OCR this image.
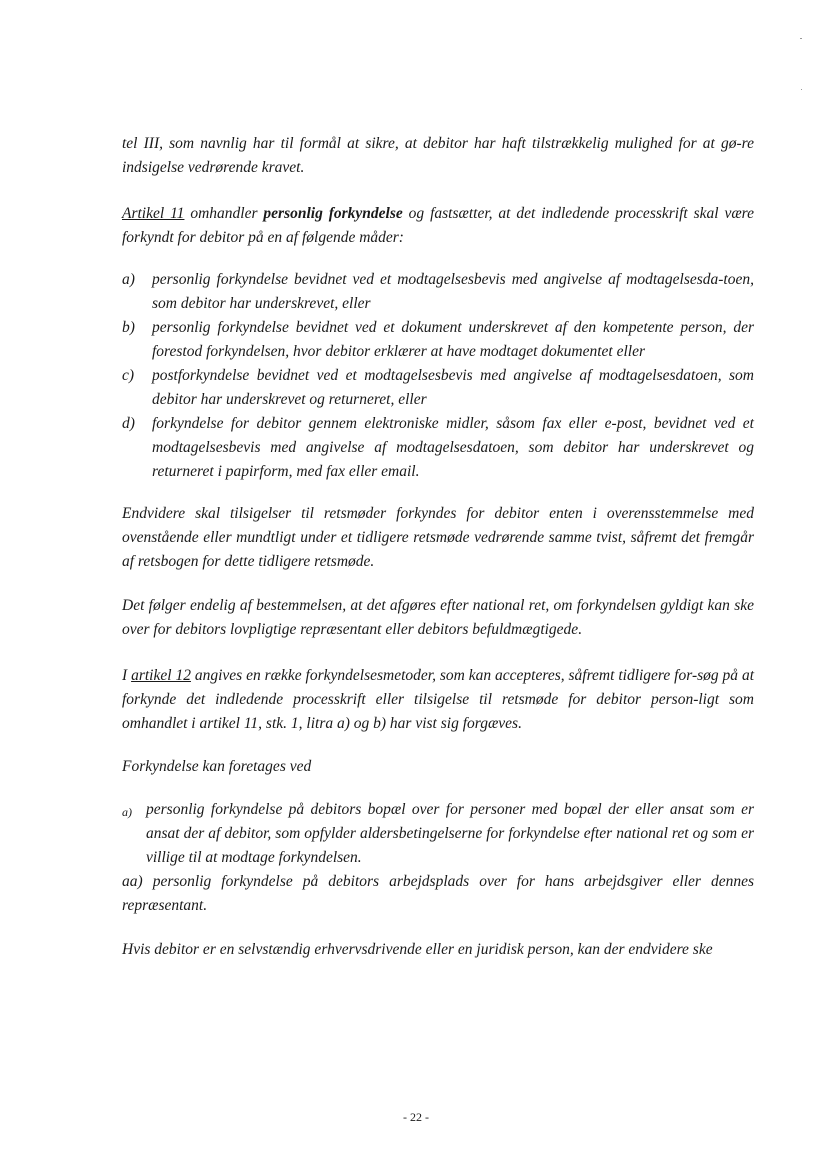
tel III, som navnlig har til formål at sikre, at debitor har haft tilstrækkelig mulighed for at gø-re indsigelse vedrørende kravet.

Artikel 11 omhandler personlig forkyndelse og fastsætter, at det indledende processkrift skal være forkyndt for debitor på en af følgende måder:

a) personlig forkyndelse bevidnet ved et modtagelsesbevis med angivelse af modtagelsesda-toen, som debitor har underskrevet, eller

b) personlig forkyndelse bevidnet ved et dokument underskrevet af den kompetente person, der forestod forkyndelsen, hvor debitor erklærer at have modtaget dokumentet eller

c) postforkyndelse bevidnet ved et modtagelsesbevis med angivelse af modtagelsesdatoen, som debitor har underskrevet og returneret, eller

d) forkyndelse for debitor gennem elektroniske midler, såsom fax eller e-post, bevidnet ved et modtagelsesbevis med angivelse af modtagelsesdatoen, som debitor har underskrevet og returneret i papirform, med fax eller email.

Endvidere skal tilsigelser til retsmøder forkyndes for debitor enten i overensstemmelse med ovenstående eller mundtligt under et tidligere retsmøde vedrørende samme tvist, såfremt det fremgår af retsbogen for dette tidligere retsmøde.

Det følger endelig af bestemmelsen, at det afgøres efter national ret, om forkyndelsen gyldigt kan ske over for debitors lovpligtige repræsentant eller debitors befuldmægtigede.

I artikel 12 angives en række forkyndelsesmetoder, som kan accepteres, såfremt tidligere for-søg på at forkynde det indledende processkrift eller tilsigelse til retsmøde for debitor person-ligt som omhandlet i artikel 11, stk. 1, litra a) og b) har vist sig forgæves.

Forkyndelse kan foretages ved

a) personlig forkyndelse på debitors bopæl over for personer med bopæl der eller ansat som er ansat der af debitor, som opfylder aldersbetingelserne for forkyndelse efter national ret og som er villige til at modtage forkyndelsen.

aa) personlig forkyndelse på debitors arbejdsplads over for hans arbejdsgiver eller dennes repræsentant.

Hvis debitor er en selvstændig erhvervsdrivende eller en juridisk person, kan der endvidere ske

- 22 -
